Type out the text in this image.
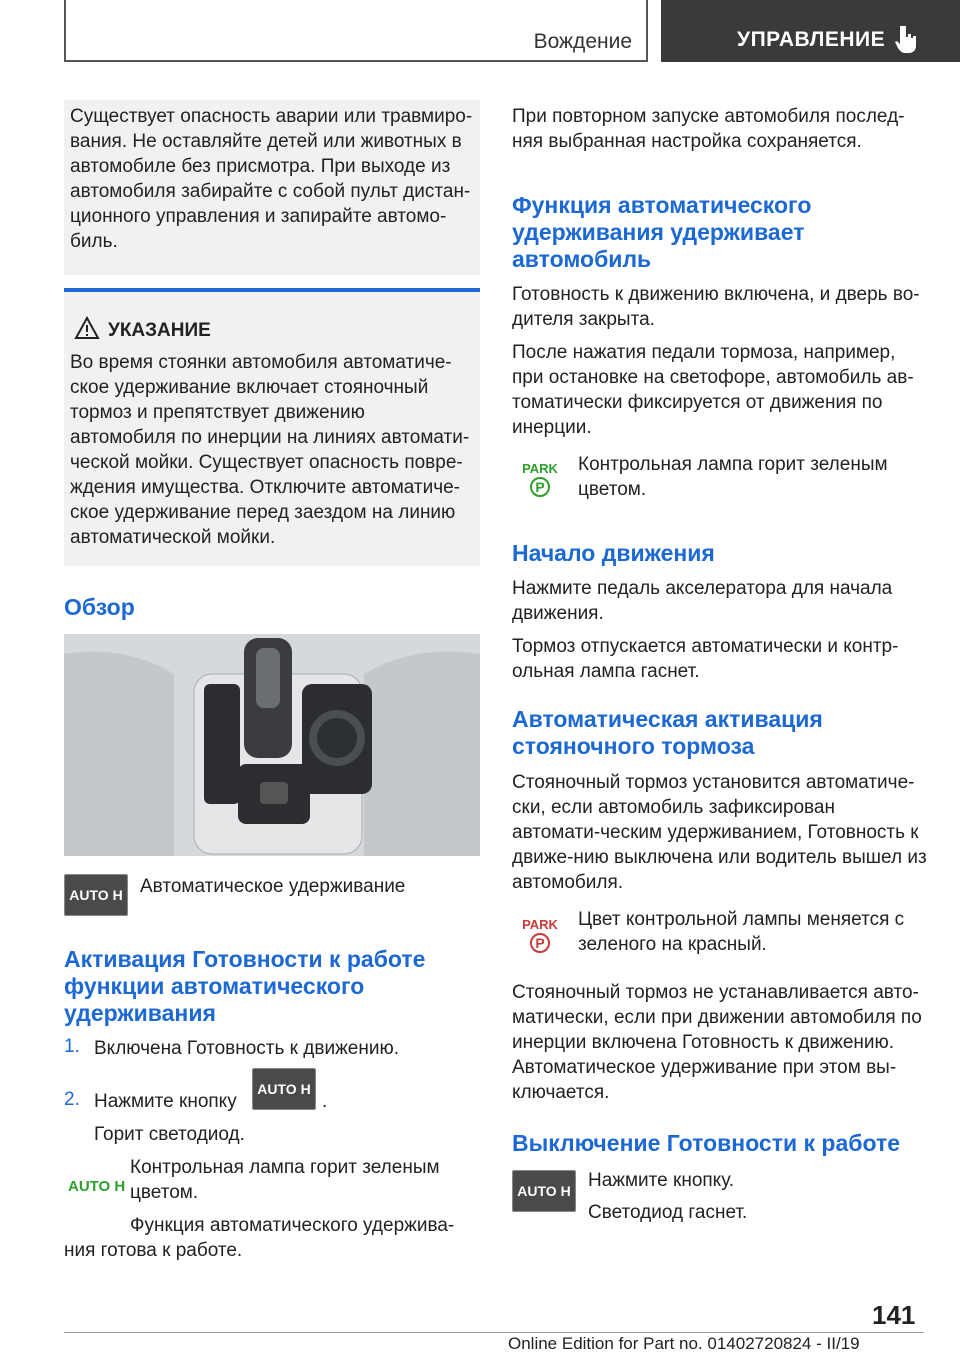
Вождение	УПРАВЛЕНИЕ

Существует опасность аварии или травмиро-вания. Не оставляйте детей или животных в автомобиле без присмотра. При выходе из автомобиля забирайте с собой пульт дистан-ционного управления и запирайте автомо-биль.

УКАЗАНИЕ
Во время стоянки автомобиля автоматиче-ское удерживание включает стояночный тормоз и препятствует движению автомобиля по инерции на линиях автомати-ческой мойки. Существует опасность повре-ждения имущества. Отключите автоматиче-ское удерживание перед заездом на линию автоматической мойки.
Обзор
AUTO H Автоматическое удерживание

Активация Готовности к работе функции автоматического удерживания
1. Включена Готовность к движению.

2. Нажмите кнопку

AUTO H

.

Горит светодиод.

AUTO H

Контрольная лампа горит зеленым цветом.

Функция автоматического удержива-ния готова к работе.

При повторном запуске автомобиля послед-няя выбранная настройка сохраняется.

Функция автоматического удерживания удерживает автомобиль

Готовность к движению включена, и дверь во-дителя закрыта.

После нажатия педали тормоза, например, при остановке на светофоре, автомобиль ав-томатически фиксируется от движения по инерции.

PARK
P

Контрольная лампа горит зеленым цветом.

Начало движения

Нажмите педаль акселератора для начала движения.

Тормоз отпускается автоматически и контр-ольная лампа гаснет.

Автоматическая активация стояночного тормоза

Стояночный тормоз установится автоматиче-ски, если автомобиль зафиксирован автомати-ческим удерживанием, Готовность к движе-нию выключена или водитель вышел из автомобиля.

PARK
P

Цвет контрольной лампы меняется с зеленого на красный.

Стояночный тормоз не устанавливается авто-матически, если при движении автомобиля по инерции включена Готовность к движению. Автоматическое удерживание при этом вы-ключается.

Выключение Готовности к работе
AUTO H Нажмите кнопку.

Светодиод гаснет.

141
Online Edition for Part no. 01402720824 - II/19
